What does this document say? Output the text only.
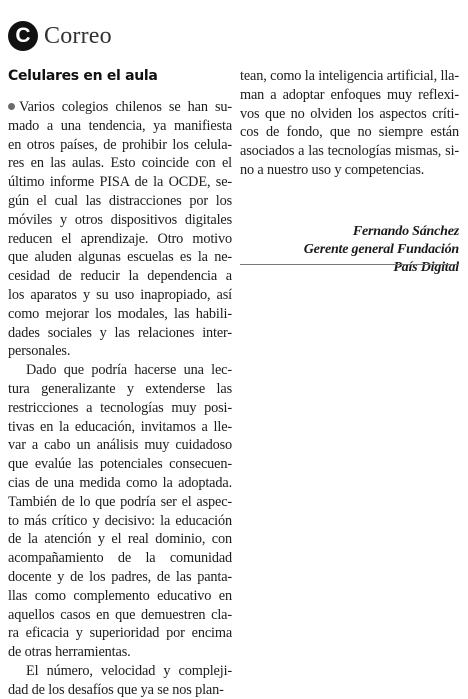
C Correo
Celulares en el aula
Varios colegios chilenos se han su-
mado a una tendencia, ya manifiesta
en otros países, de prohibir los celula-
res en las aulas. Esto coincide con el
último informe PISA de la OCDE, se-
gún el cual las distracciones por los
móviles y otros dispositivos digitales
reducen el aprendizaje. Otro motivo
que aluden algunas escuelas es la ne-
cesidad de reducir la dependencia a
los aparatos y su uso inapropiado, así
como mejorar los modales, las habili-
dades sociales y las relaciones inter-
personales.
Dado que podría hacerse una lec-
tura generalizante y extenderse las
restricciones a tecnologías muy posi-
tivas en la educación, invitamos a lle-
var a cabo un análisis muy cuidadoso
que evalúe las potenciales consecuen-
cias de una medida como la adoptada.
También de lo que podría ser el aspec-
to más crítico y decisivo: la educación
de la atención y el real dominio, con
acompañamiento de la comunidad
docente y de los padres, de las panta-
llas como complemento educativo en
aquellos casos en que demuestren cla-
ra eficacia y superioridad por encima
de otras herramientas.
El número, velocidad y compleji-
dad de los desafíos que ya se nos plan-
Fernando Sánchez
Gerente general Fundación
País Digital
tean, como la inteligencia artificial, lla-
man a adoptar enfoques muy reflexi-
vos que no olviden los aspectos críti-
cos de fondo, que no siempre están
asociados a las tecnologías mismas, si-
no a nuestro uso y competencias.
